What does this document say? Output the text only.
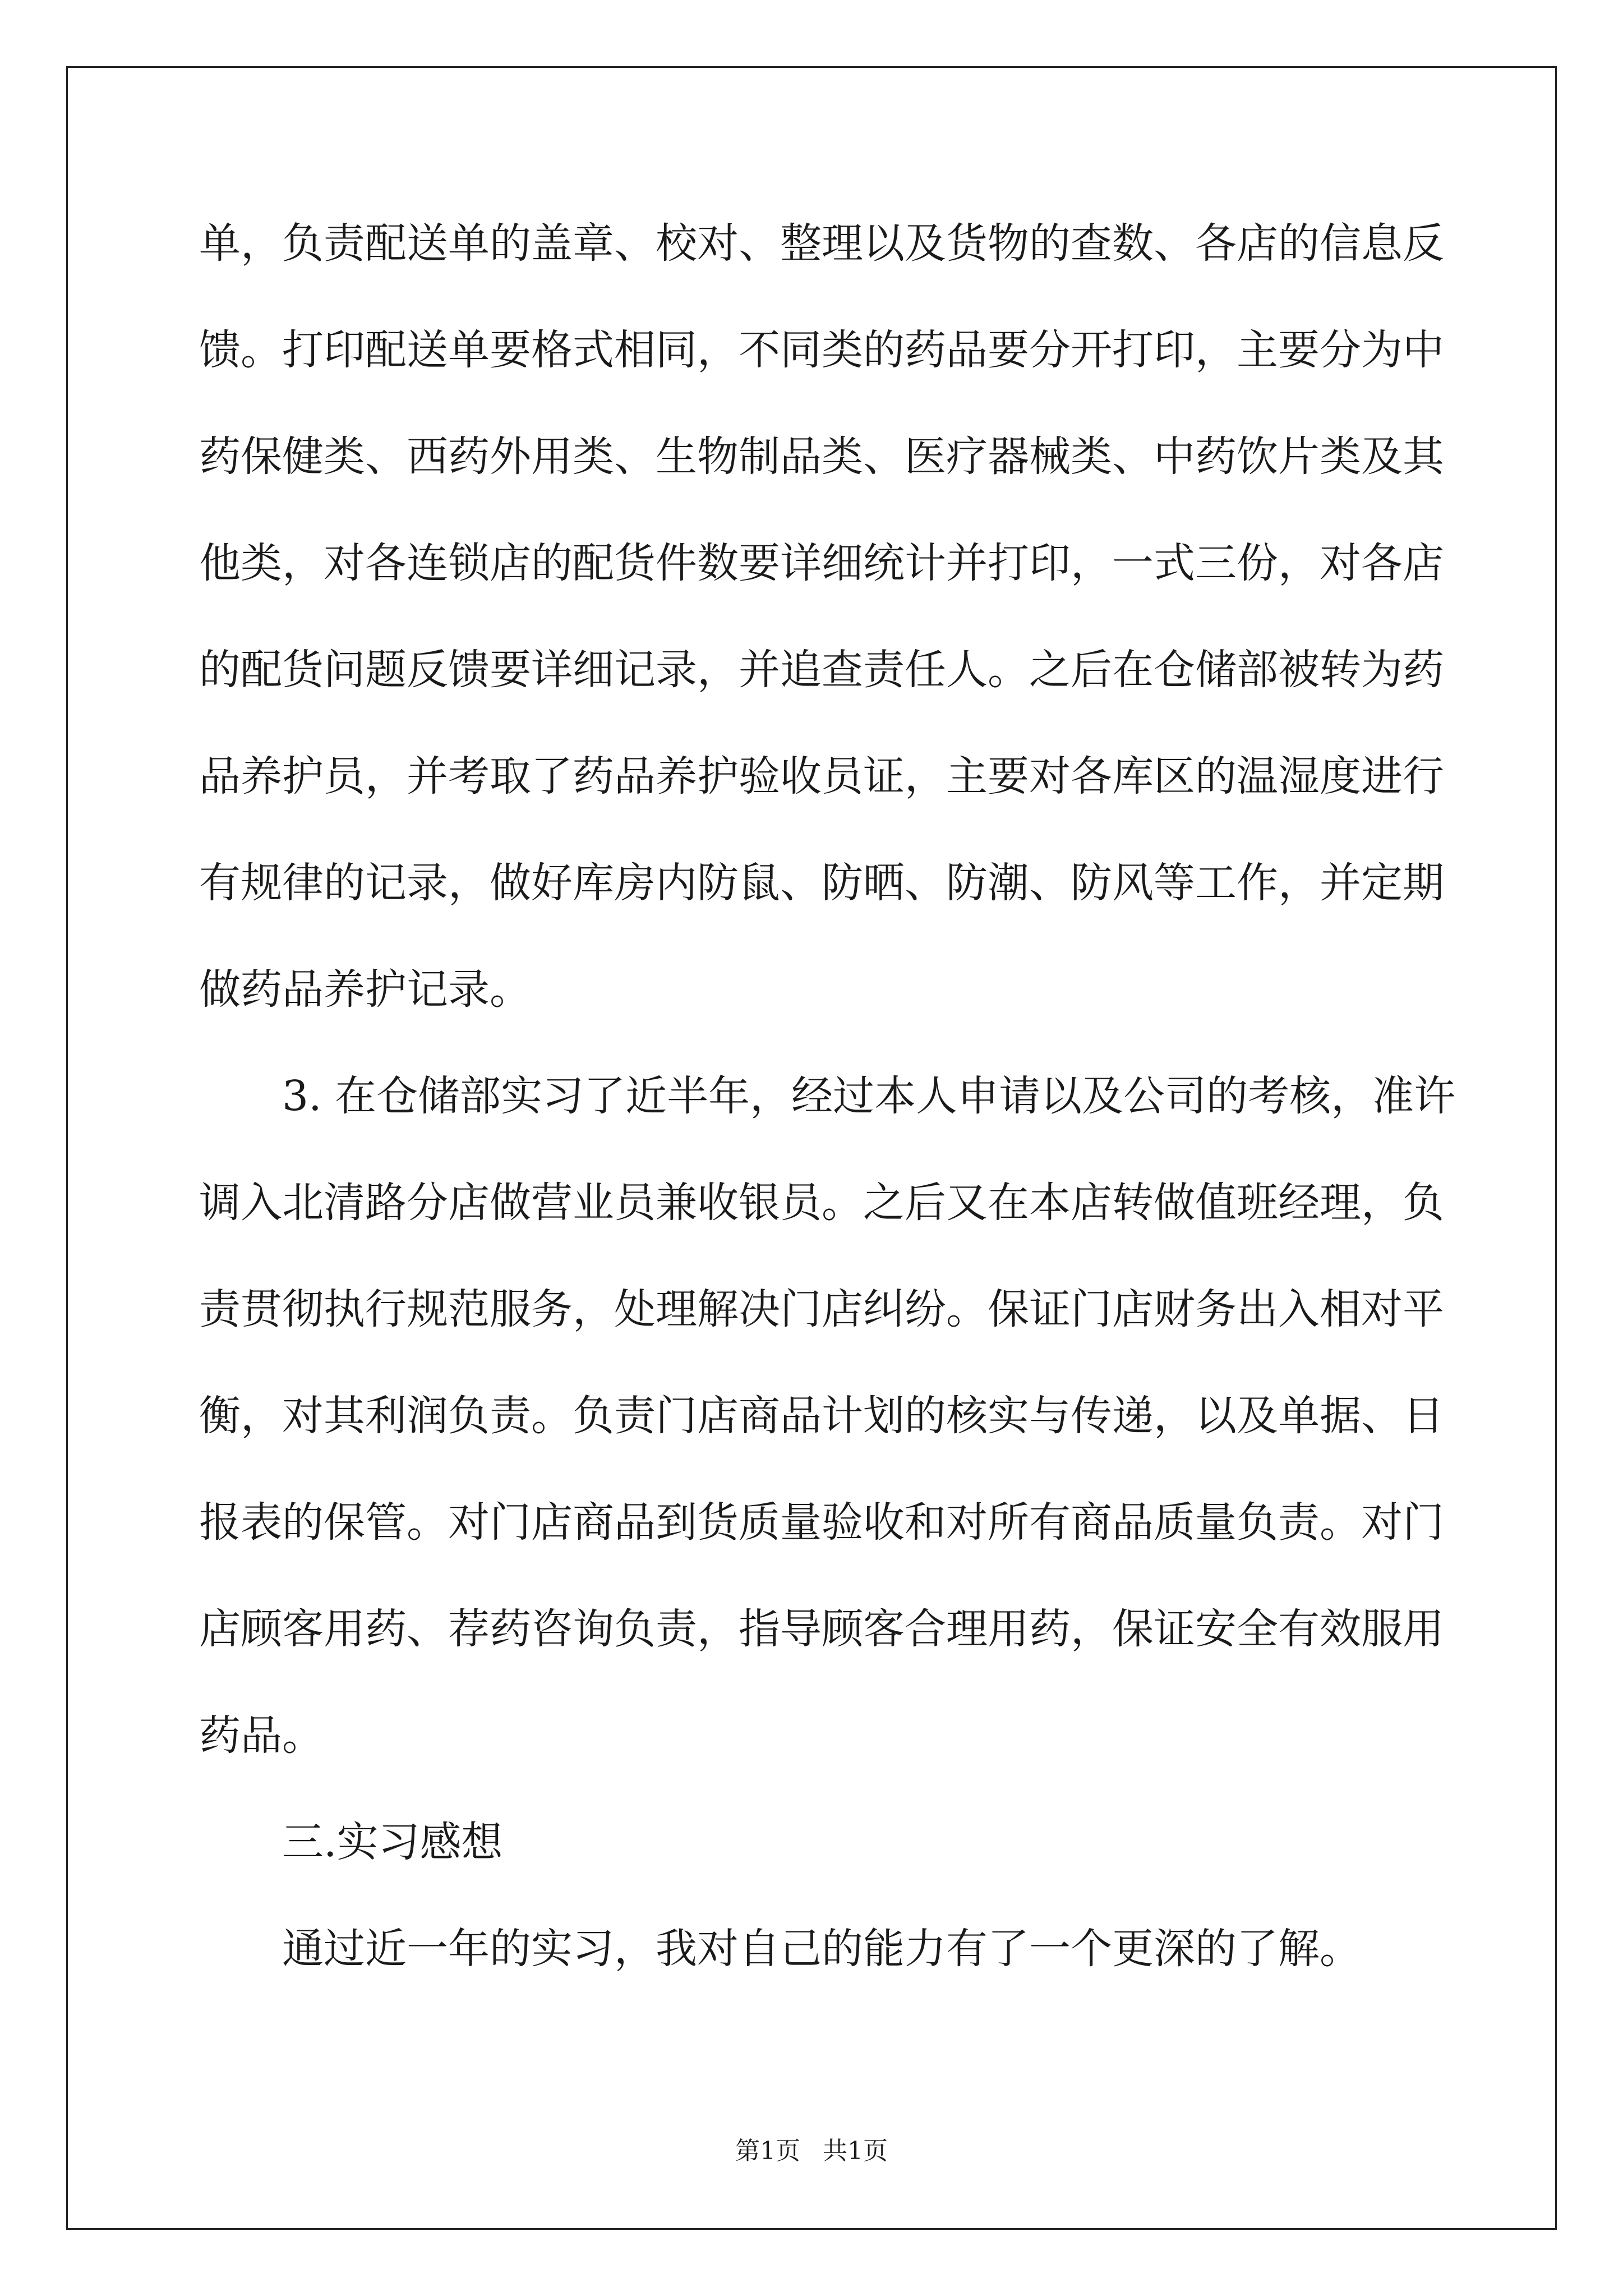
单，负责配送单的盖章、校对、整理以及货物的查数、各店的信息反
馈。打印配送单要格式相同，不同类的药品要分开打印，主要分为中
药保健类、西药外用类、生物制品类、医疗器械类、中药饮片类及其
他类，对各连锁店的配货件数要详细统计并打印，一式三份，对各店
的配货问题反馈要详细记录，并追查责任人。之后在仓储部被转为药
品养护员，并考取了药品养护验收员证，主要对各库区的温湿度进行
有规律的记录，做好库房内防鼠、防晒、防潮、防风等工作，并定期
做药品养护记录。
3. 在仓储部实习了近半年，经过本人申请以及公司的考核，准许
调入北清路分店做营业员兼收银员。之后又在本店转做值班经理，负
责贯彻执行规范服务，处理解决门店纠纷。保证门店财务出入相对平
衡，对其利润负责。负责门店商品计划的核实与传递，以及单据、日
报表的保管。对门店商品到货质量验收和对所有商品质量负责。对门
店顾客用药、荐药咨询负责，指导顾客合理用药，保证安全有效服用
药品。
三.实习感想
通过近一年的实习，我对自己的能力有了一个更深的了解。
第1页 共1页
